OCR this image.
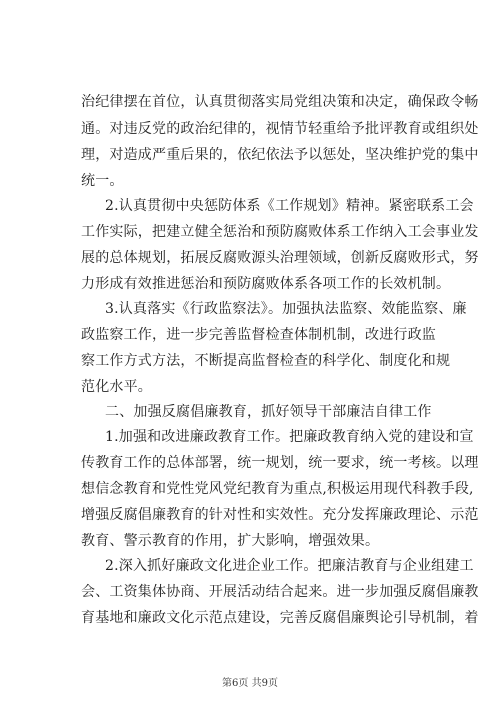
治纪律摆在首位，认真贯彻落实局党组决策和决定，确保政令畅
通。对违反党的政治纪律的，视情节轻重给予批评教育或组织处
理，对造成严重后果的，依纪依法予以惩处，坚决维护党的集中
统一。
2.认真贯彻中央惩防体系《工作规划》精神。紧密联系工会
工作实际，把建立健全惩治和预防腐败体系工作纳入工会事业发
展的总体规划，拓展反腐败源头治理领域，创新反腐败形式，努
力形成有效推进惩治和预防腐败体系各项工作的长效机制。
3.认真落实《行政监察法》。加强执法监察、效能监察、廉
政监察工作，进一步完善监督检查体制机制，改进行政监
察工作方式方法，不断提高监督检查的科学化、制度化和规
范化水平。
二、加强反腐倡廉教育，抓好领导干部廉洁自律工作
1.加强和改进廉政教育工作。把廉政教育纳入党的建设和宣
传教育工作的总体部署，统一规划，统一要求，统一考核。以理
想信念教育和党性党风党纪教育为重点,积极运用现代科教手段,
增强反腐倡廉教育的针对性和实效性。充分发挥廉政理论、示范
教育、警示教育的作用，扩大影响，增强效果。
2.深入抓好廉政文化进企业工作。把廉洁教育与企业组建工
会、工资集体协商、开展活动结合起来。进一步加强反腐倡廉教
育基地和廉政文化示范点建设，完善反腐倡廉舆论引导机制，着
第6页 共9页
